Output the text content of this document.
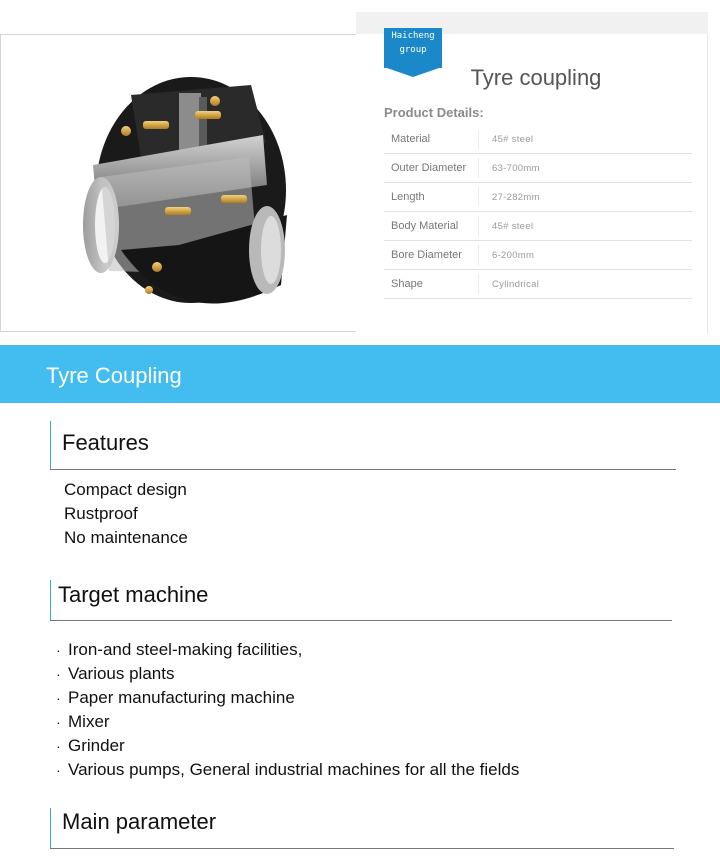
Haicheng
group
Tyre coupling
Product Details:
Material	45# steel
Outer Diameter	63-700mm
Length	27-282mm
Body Material	45# steel
Bore Diameter	6-200mm
Shape	Cylindrical
Tyre Coupling
Features
Compact design
Rustproof
No maintenance
Target machine
· Iron-and steel-making facilities,
· Various plants
· Paper manufacturing machine
· Mixer
· Grinder
· Various pumps, General industrial machines for all the fields
Main parameter
